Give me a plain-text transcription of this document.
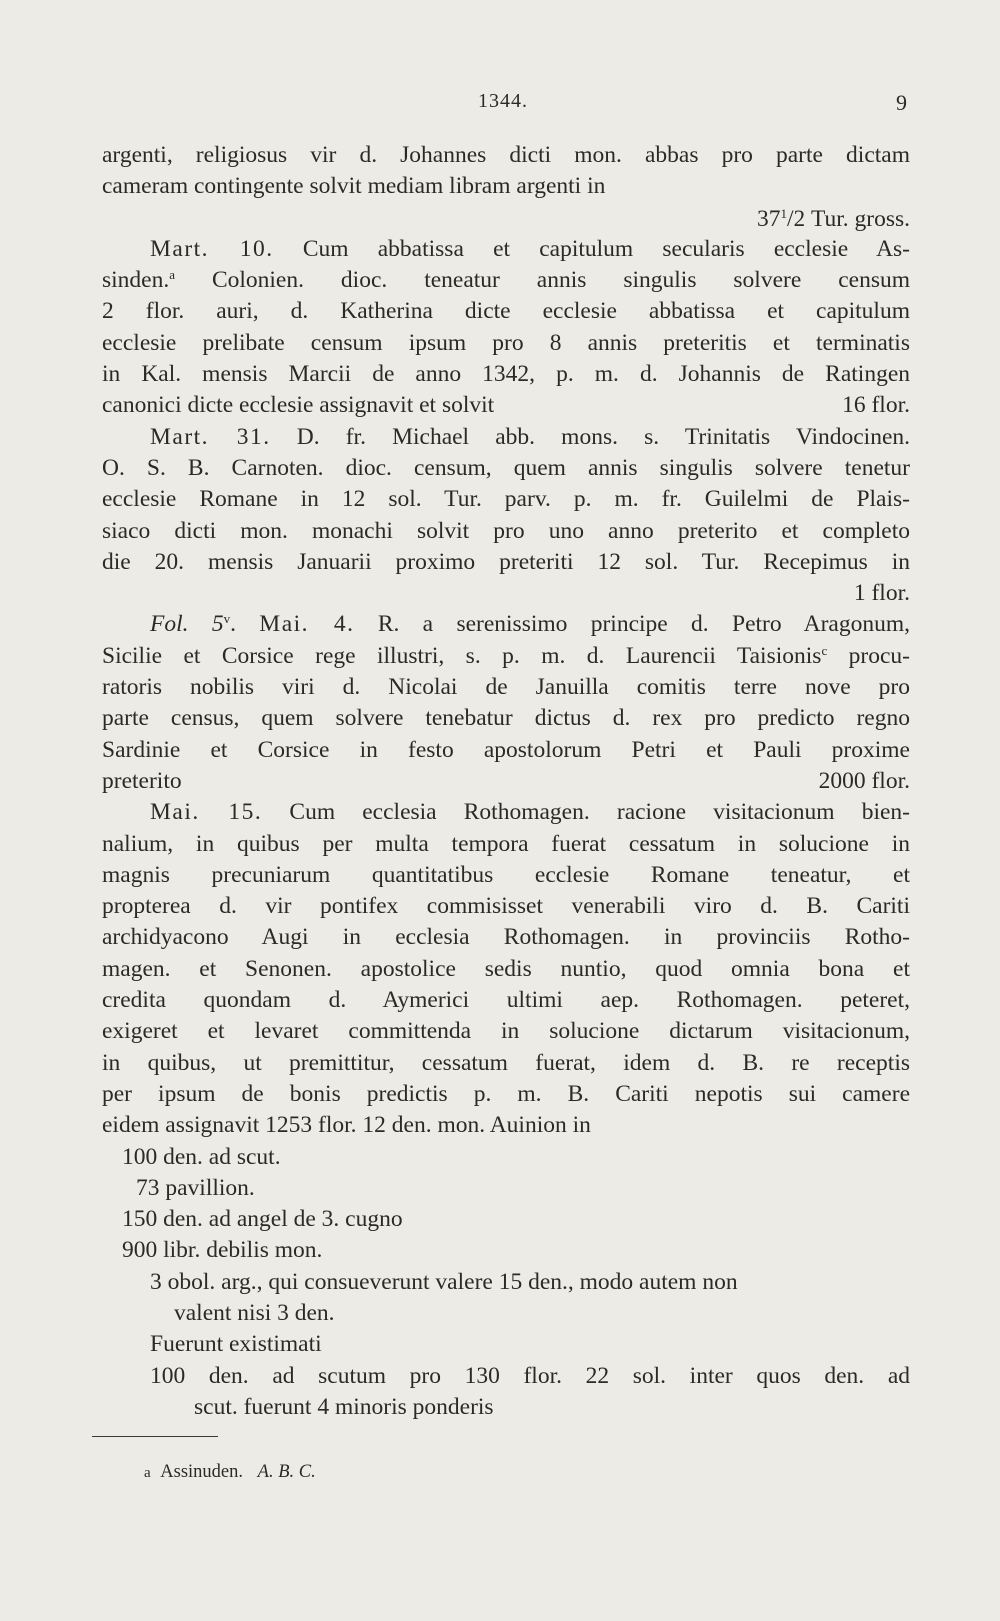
1344.	9
argenti, religiosus vir d. Johannes dicti mon. abbas pro parte dictam
cameram contingente solvit mediam libram argenti in
$37^1/2$ Tur. gross.
Mart. 10. Cum abbatissa et capitulum secularis ecclesie As-
sinden.$^a$ Colonien. dioc. teneatur annis singulis solvere censum
2 flor. auri, d. Katherina dicte ecclesie abbatissa et capitulum
ecclesie prelibate censum ipsum pro 8 annis preteritis et terminatis
in Kal. mensis Marcii de anno 1342, p. m. d. Johannis de Ratingen
canonici dicte ecclesie assignavit et solvit	16 flor.
Mart. 31. D. fr. Michael abb. mons. s. Trinitatis Vindocinen.
O. S. B. Carnoten. dioc. censum, quem annis singulis solvere tenetur
ecclesie Romane in 12 sol. Tur. parv. p. m. fr. Guilelmi de Plais-
siaco dicti mon. monachi solvit pro uno anno preterito et completo
die 20. mensis Januarii proximo preteriti 12 sol. Tur. Recepimus in
1 flor.
Fol. 5$^v$. Mai. 4. R. a serenissimo principe d. Petro Aragonum,
Sicilie et Corsice rege illustri, s. p. m. d. Laurencii Taisionis$^c$ procu-
ratoris nobilis viri d. Nicolai de Januilla comitis terre nove pro
parte census, quem solvere tenebatur dictus d. rex pro predicto regno
Sardinie et Corsice in festo apostolorum Petri et Pauli proxime
preterito	2000 flor.
Mai. 15. Cum ecclesia Rothomagen. racione visitacionum bien-
nalium, in quibus per multa tempora fuerat cessatum in solucione in
magnis precuniarum quantitatibus ecclesie Romane teneatur, et
propterea d. vir pontifex commisisset venerabili viro d. B. Cariti
archidyacono Augi in ecclesia Rothomagen. in provinciis Rotho-
magen. et Senonen. apostolice sedis nuntio, quod omnia bona et
credita quondam d. Aymerici ultimi aep. Rothomagen. peteret,
exigeret et levaret committenda in solucione dictarum visitacionum,
in quibus, ut premittitur, cessatum fuerat, idem d. B. re receptis
per ipsum de bonis predictis p. m. B. Cariti nepotis sui camere
eidem assignavit 1253 flor. 12 den. mon. Auinion in
100 den. ad scut.
73 pavillion.
150 den. ad angel de 3. cugno
900 libr. debilis mon.
3 obol. arg., qui consueverunt valere 15 den., modo autem non
valent nisi 3 den.
Fuerunt existimati
100 den. ad scutum pro 130 flor. 22 sol. inter quos den. ad
scut. fuerunt 4 minoris ponderis
a Assinuden. A. B. C.
